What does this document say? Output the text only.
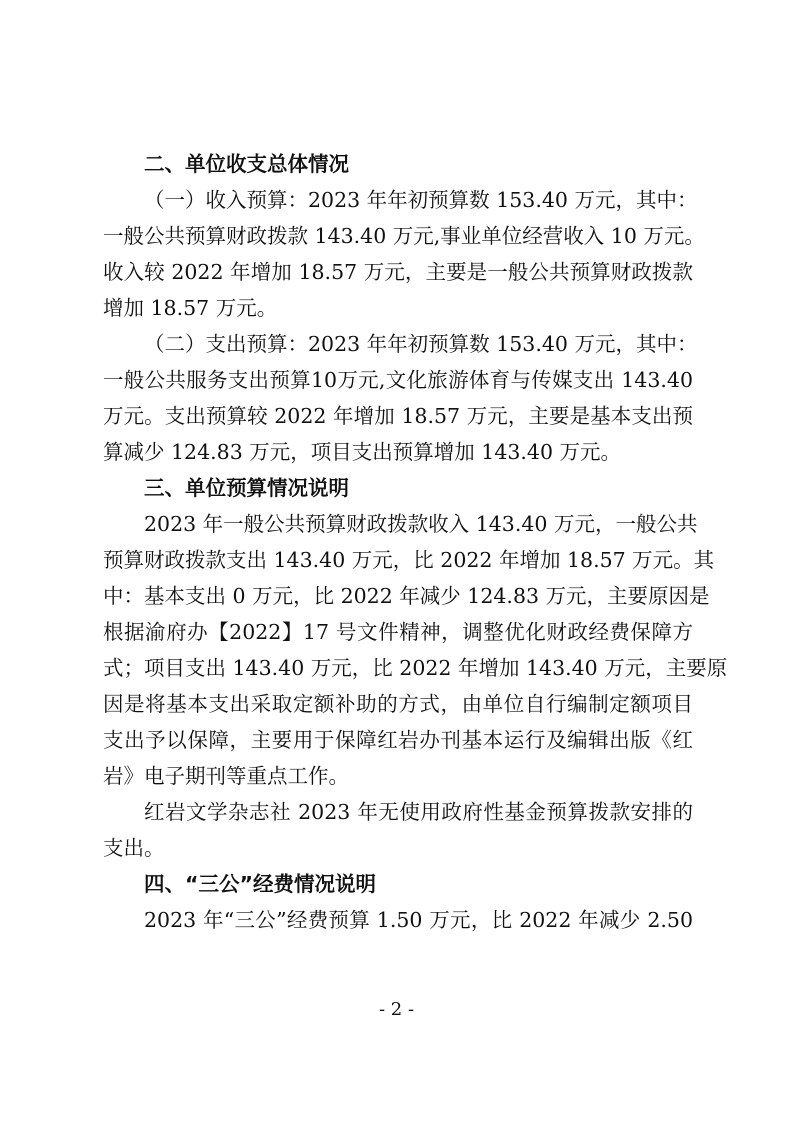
二、单位收支总体情况
（一）收入预算：2023 年年初预算数 153.40 万元，其中：
一般公共预算财政拨款 143.40 万元,事业单位经营收入 10 万元。
收入较 2022 年增加 18.57 万元，主要是一般公共预算财政拨款
增加 18.57 万元。
（二）支出预算：2023 年年初预算数 153.40 万元，其中：
一般公共服务支出预算10万元,文化旅游体育与传媒支出 143.40
万元。支出预算较 2022 年增加 18.57 万元，主要是基本支出预
算减少 124.83 万元，项目支出预算增加 143.40 万元。
三、单位预算情况说明
2023 年一般公共预算财政拨款收入 143.40 万元，一般公共
预算财政拨款支出 143.40 万元，比 2022 年增加 18.57 万元。其
中：基本支出 0 万元，比 2022 年减少 124.83 万元，主要原因是
根据渝府办【2022】17 号文件精神，调整优化财政经费保障方
式；项目支出 143.40 万元，比 2022 年增加 143.40 万元，主要原
因是将基本支出采取定额补助的方式，由单位自行编制定额项目
支出予以保障，主要用于保障红岩办刊基本运行及编辑出版《红
岩》电子期刊等重点工作。
红岩文学杂志社 2023 年无使用政府性基金预算拨款安排的
支出。
四、“三公”经费情况说明
2023 年“三公”经费预算 1.50 万元，比 2022 年减少 2.50
- 2 -
